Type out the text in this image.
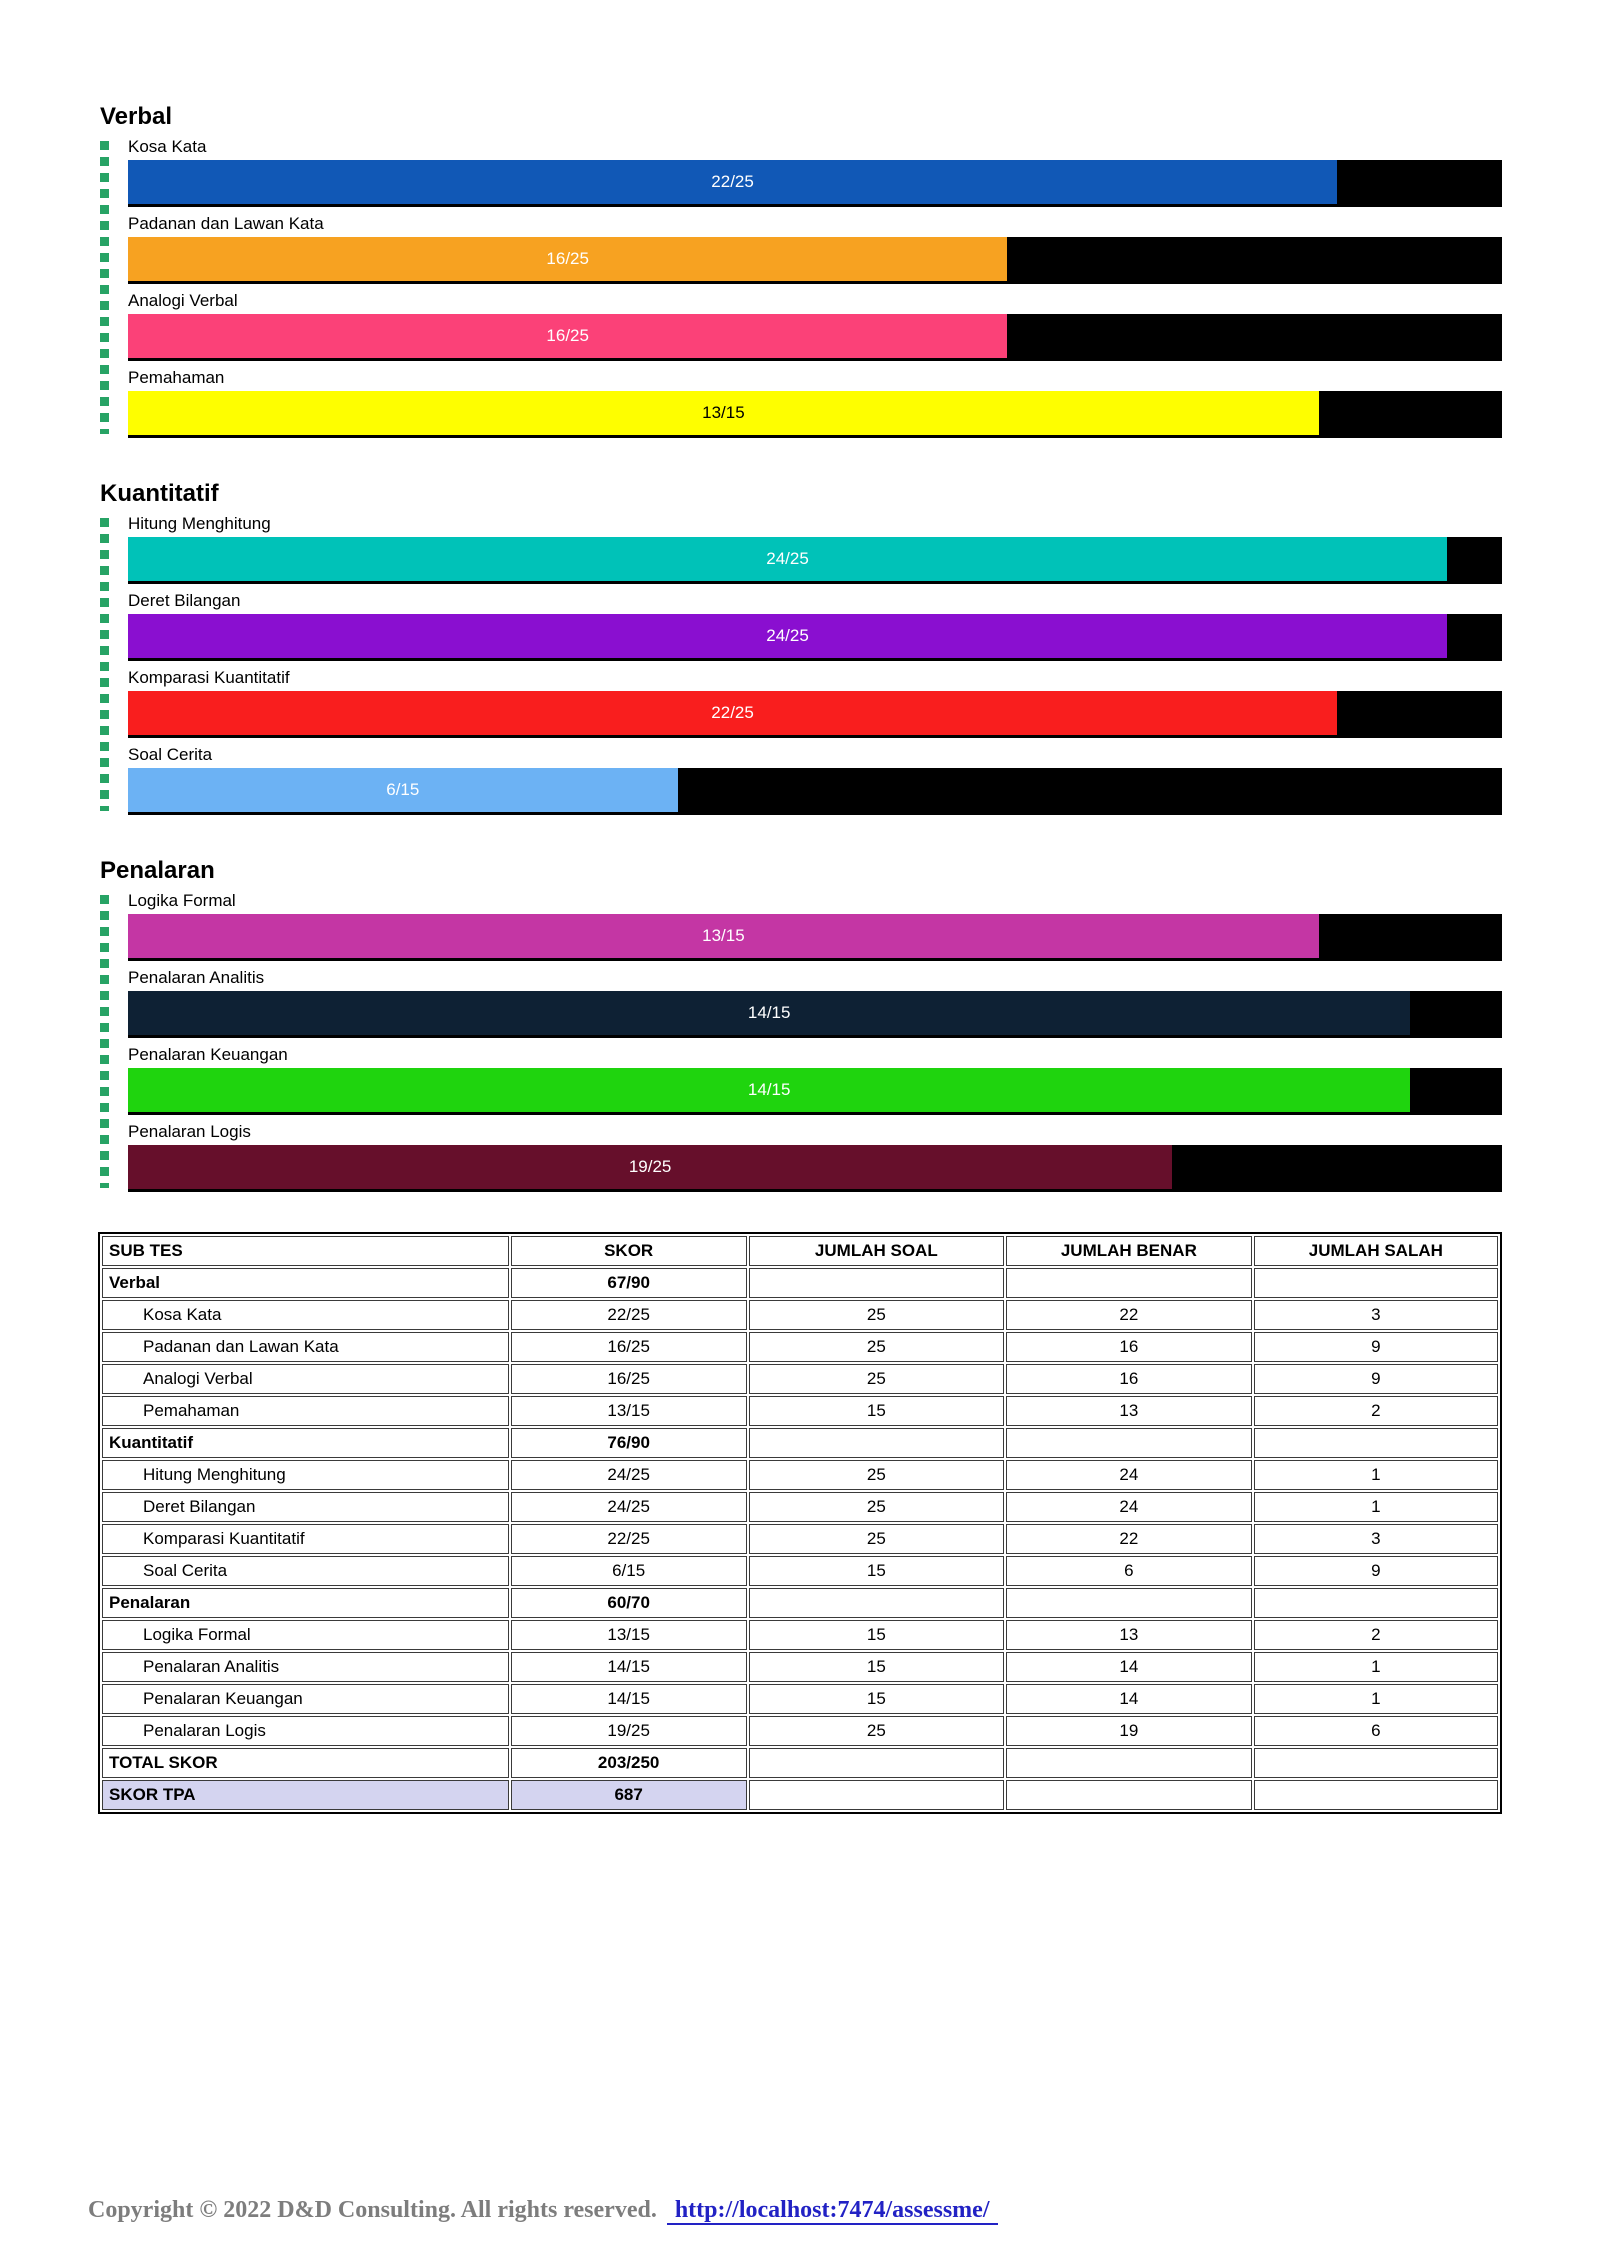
Verbal
Kosa Kata
22/25
Padanan dan Lawan Kata
16/25
Analogi Verbal
16/25
Pemahaman
13/15
Kuantitatif
Hitung Menghitung
24/25
Deret Bilangan
24/25
Komparasi Kuantitatif
22/25
Soal Cerita
6/15
Penalaran
Logika Formal
13/15
Penalaran Analitis
14/15
Penalaran Keuangan
14/15
Penalaran Logis
19/25
SUB TES	SKOR	JUMLAH SOAL	JUMLAH BENAR	JUMLAH SALAH
Verbal	67/90			
Kosa Kata	22/25	25	22	3
Padanan dan Lawan Kata	16/25	25	16	9
Analogi Verbal	16/25	25	16	9
Pemahaman	13/15	15	13	2
Kuantitatif	76/90			
Hitung Menghitung	24/25	25	24	1
Deret Bilangan	24/25	25	24	1
Komparasi Kuantitatif	22/25	25	22	3
Soal Cerita	6/15	15	6	9
Penalaran	60/70			
Logika Formal	13/15	15	13	2
Penalaran Analitis	14/15	15	14	1
Penalaran Keuangan	14/15	15	14	1
Penalaran Logis	19/25	25	19	6
TOTAL SKOR	203/250			
SKOR TPA	687			
Copyright © 2022 D&D Consulting. All rights reserved. http://localhost:7474/assessme/
